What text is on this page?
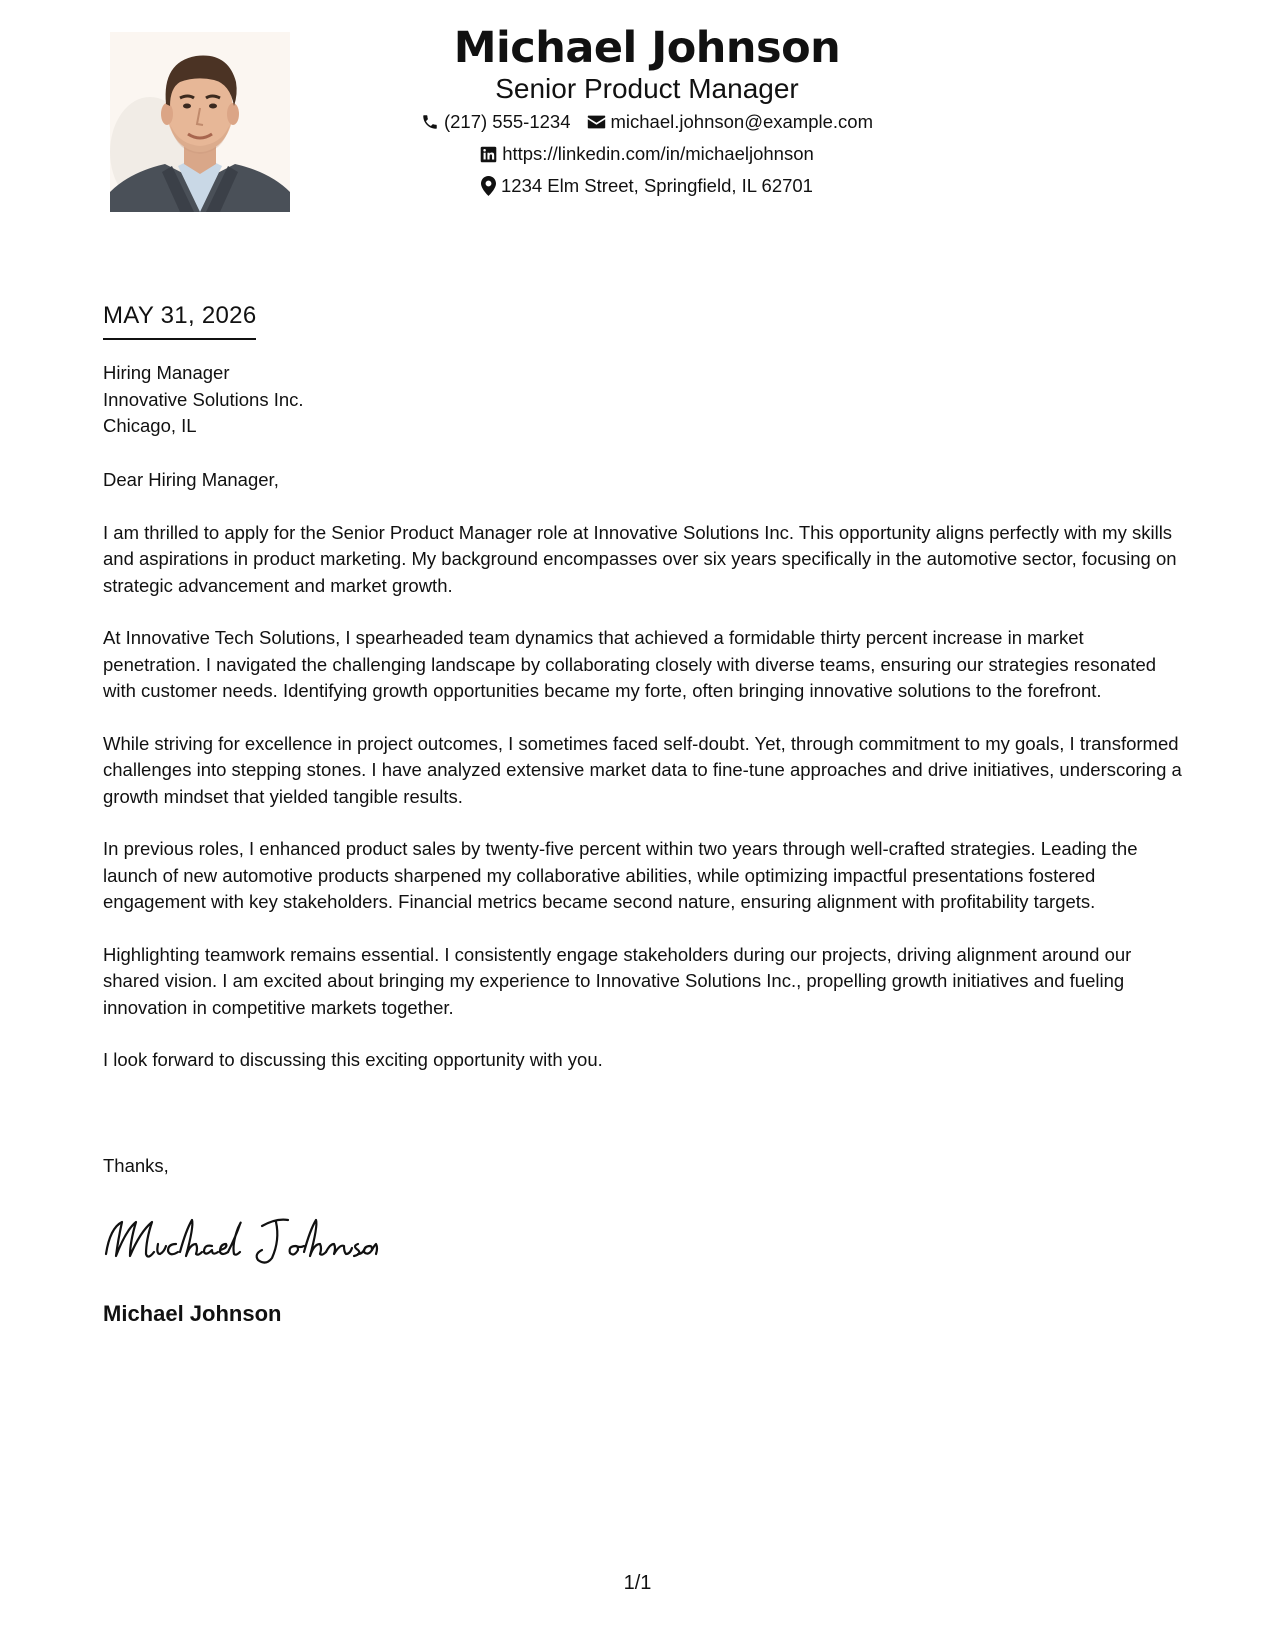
Michael Johnson
Senior Product Manager
(217) 555-1234 michael.johnson@example.com
https://linkedin.com/in/michaeljohnson
1234 Elm Street, Springfield, IL 62701
MAY 31, 2026
Hiring Manager
Innovative Solutions Inc.
Chicago, IL

Dear Hiring Manager,

I am thrilled to apply for the Senior Product Manager role at Innovative Solutions Inc. This opportunity aligns perfectly with my skills and aspirations in product marketing. My background encompasses over six years specifically in the automotive sector, focusing on strategic advancement and market growth.

At Innovative Tech Solutions, I spearheaded team dynamics that achieved a formidable thirty percent increase in market penetration. I navigated the challenging landscape by collaborating closely with diverse teams, ensuring our strategies resonated with customer needs. Identifying growth opportunities became my forte, often bringing innovative solutions to the forefront.

While striving for excellence in project outcomes, I sometimes faced self-doubt. Yet, through commitment to my goals, I transformed challenges into stepping stones. I have analyzed extensive market data to fine-tune approaches and drive initiatives, underscoring a growth mindset that yielded tangible results.

In previous roles, I enhanced product sales by twenty-five percent within two years through well-crafted strategies. Leading the launch of new automotive products sharpened my collaborative abilities, while optimizing impactful presentations fostered engagement with key stakeholders. Financial metrics became second nature, ensuring alignment with profitability targets.

Highlighting teamwork remains essential. I consistently engage stakeholders during our projects, driving alignment around our shared vision. I am excited about bringing my experience to Innovative Solutions Inc., propelling growth initiatives and fueling innovation in competitive markets together.

I look forward to discussing this exciting opportunity with you.

Thanks,
Michael Johnson
1/1
